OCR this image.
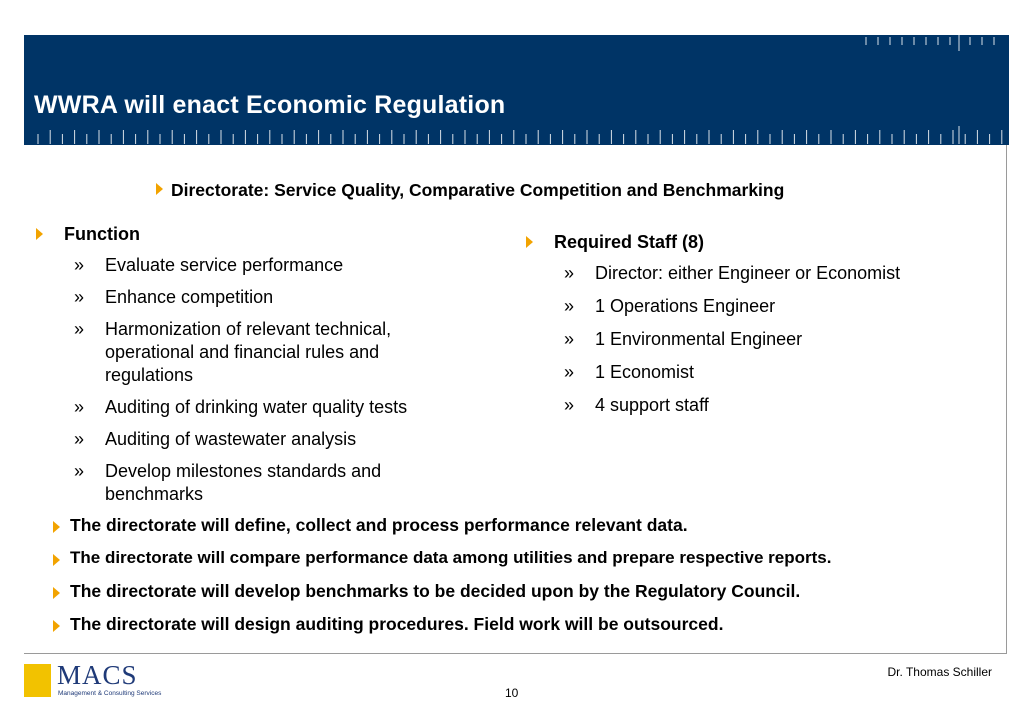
WWRA will enact Economic Regulation
Directorate: Service Quality, Comparative Competition and Benchmarking
Function
» Evaluate service performance
» Enhance competition
» Harmonization of relevant technical, operational and financial rules and regulations
» Auditing of drinking water quality tests
» Auditing of wastewater analysis
» Develop milestones standards and benchmarks
Required Staff (8)
» Director: either Engineer or Economist
» 1 Operations Engineer
» 1 Environmental Engineer
» 1 Economist
» 4 support staff
The directorate will define, collect and process performance relevant data.
The directorate will compare performance data among utilities and prepare respective reports.
The directorate will develop benchmarks to be decided upon by the Regulatory Council.
The directorate will design auditing procedures. Field work will be outsourced.
MACS
Management & Consulting Services
Dr. Thomas Schiller
10
